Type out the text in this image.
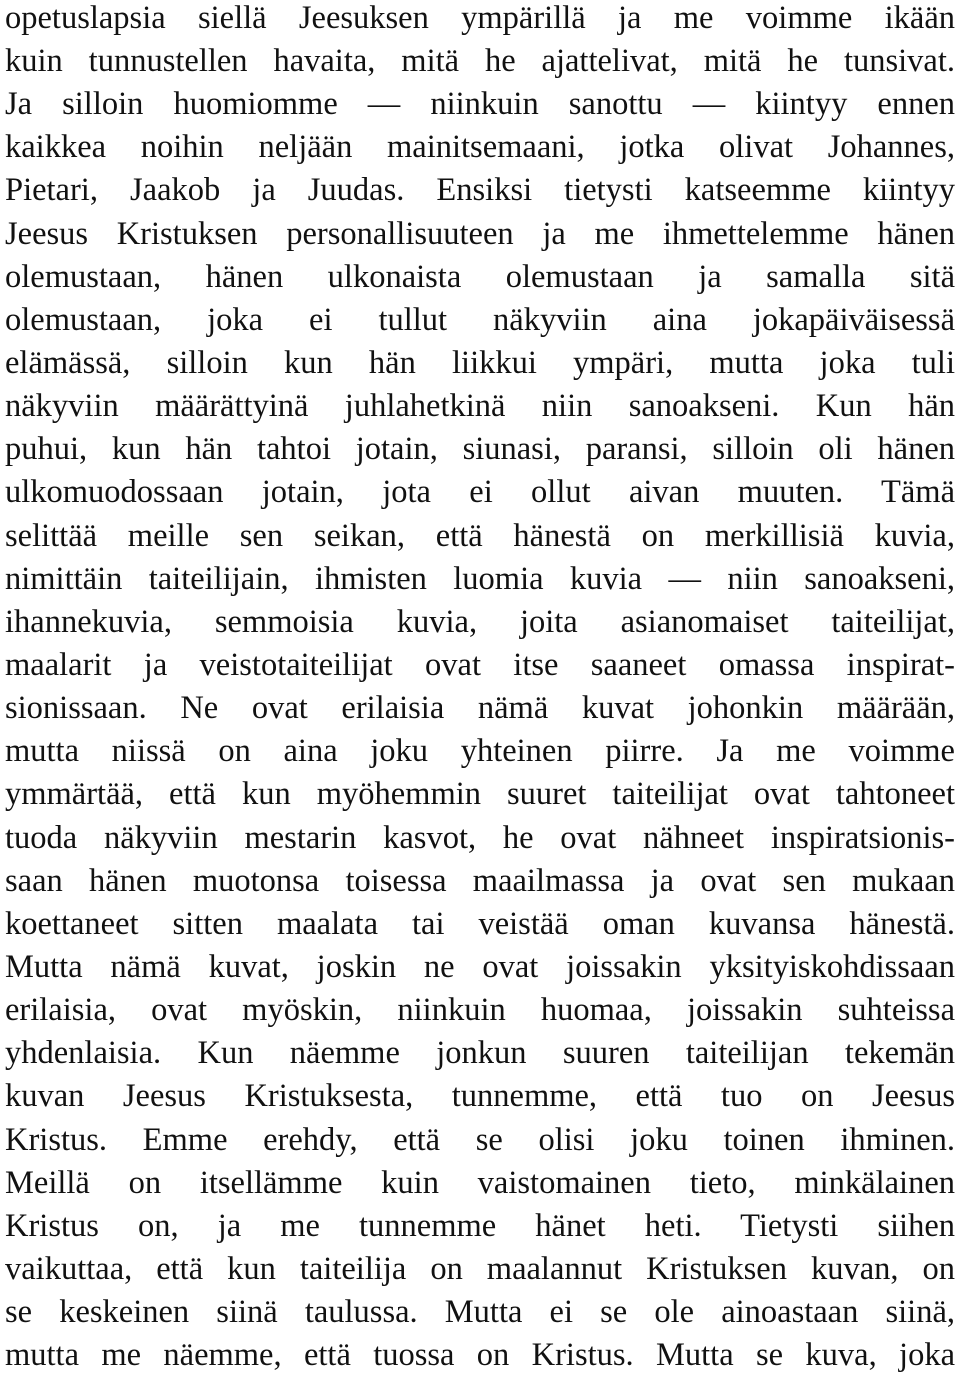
opetuslapsia siellä Jeesuksen ympärillä ja me voimme ikään
kuin tunnustellen havaita, mitä he ajattelivat, mitä he tunsivat.
Ja silloin huomiomme — niinkuin sanottu — kiintyy ennen
kaikkea noihin neljään mainitsemaani, jotka olivat Johannes,
Pietari, Jaakob ja Juudas. Ensiksi tietysti katseemme kiintyy
Jeesus Kristuksen personallisuuteen ja me ihmettelemme hänen
olemustaan, hänen ulkonaista olemustaan ja samalla sitä
olemustaan, joka ei tullut näkyviin aina jokapäiväisessä
elämässä, silloin kun hän liikkui ympäri, mutta joka tuli
näkyviin määrättyinä juhlahetkinä niin sanoakseni. Kun hän
puhui, kun hän tahtoi jotain, siunasi, paransi, silloin oli hänen
ulkomuodossaan jotain, jota ei ollut aivan muuten. Tämä
selittää meille sen seikan, että hänestä on merkillisiä kuvia,
nimittäin taiteilijain, ihmisten luomia kuvia — niin sanoakseni,
ihannekuvia, semmoisia kuvia, joita asianomaiset taiteilijat,
maalarit ja veistotaiteilijat ovat itse saaneet omassa inspirat-
sionissaan. Ne ovat erilaisia nämä kuvat johonkin määrään,
mutta niissä on aina joku yhteinen piirre. Ja me voimme
ymmärtää, että kun myöhemmin suuret taiteilijat ovat tahtoneet
tuoda näkyviin mestarin kasvot, he ovat nähneet inspiratsionis-
saan hänen muotonsa toisessa maailmassa ja ovat sen mukaan
koettaneet sitten maalata tai veistää oman kuvansa hänestä.
Mutta nämä kuvat, joskin ne ovat joissakin yksityiskohdissaan
erilaisia, ovat myöskin, niinkuin huomaa, joissakin suhteissa
yhdenlaisia. Kun näemme jonkun suuren taiteilijan tekemän
kuvan Jeesus Kristuksesta, tunnemme, että tuo on Jeesus
Kristus. Emme erehdy, että se olisi joku toinen ihminen.
Meillä on itsellämme kuin vaistomainen tieto, minkälainen
Kristus on, ja me tunnemme hänet heti. Tietysti siihen
vaikuttaa, että kun taiteilija on maalannut Kristuksen kuvan, on
se keskeinen siinä taulussa. Mutta ei se ole ainoastaan siinä,
mutta me näemme, että tuossa on Kristus. Mutta se kuva, joka
